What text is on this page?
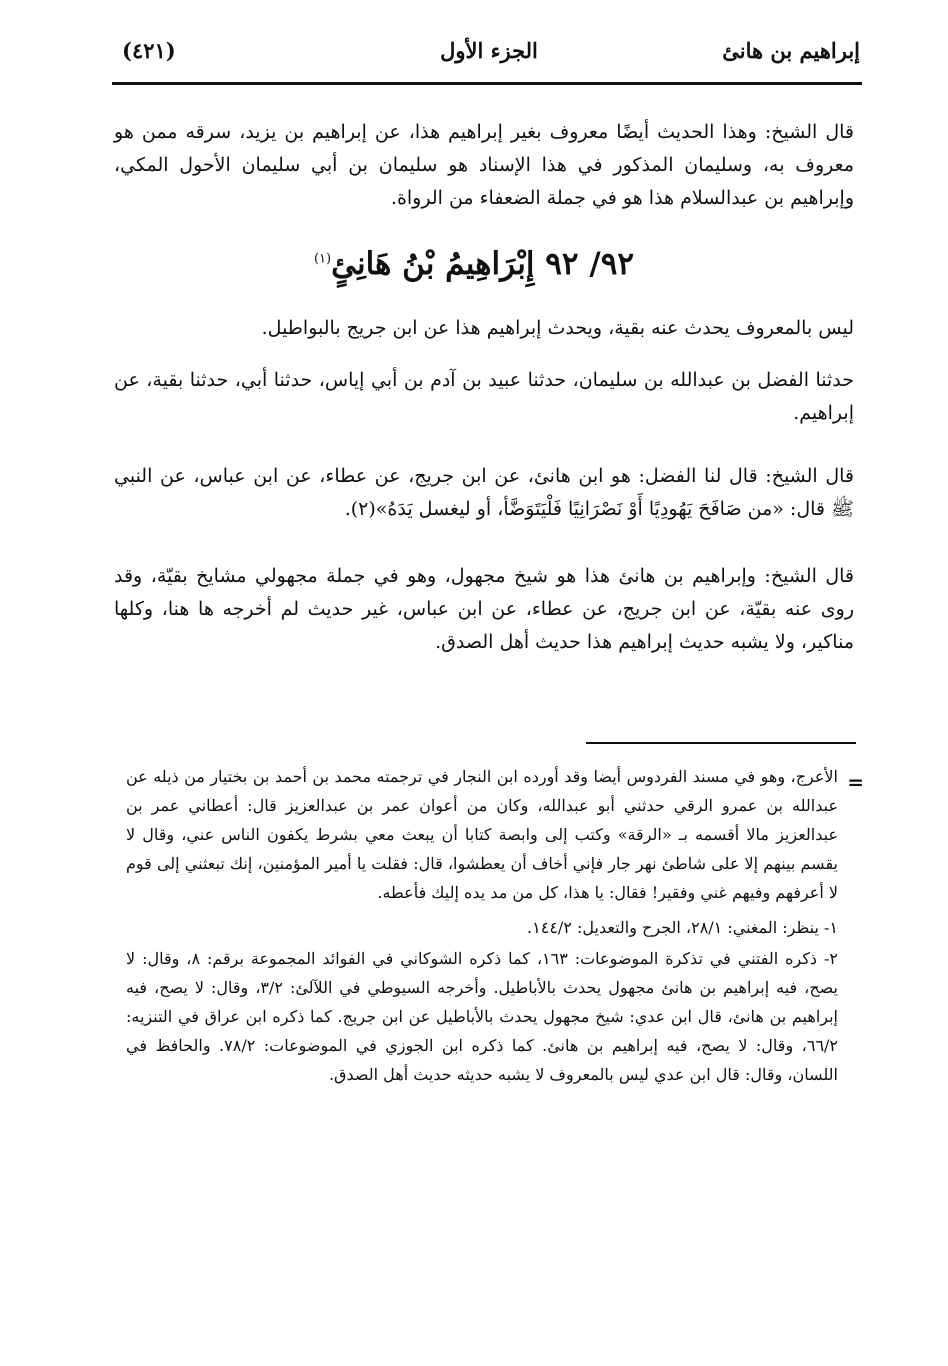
إبراهيم بن هانئ
الجزء الأول
(٤٢١)
قال الشيخ: وهذا الحديث أيضًا معروف بغير إبراهيم هذا، عن إبراهيم بن يزيد، سرقه ممن هو معروف به، وسليمان المذكور في هذا الإسناد هو سليمان بن أبي سليمان الأحول المكي، وإبراهيم بن عبدالسلام هذا هو في جملة الضعفاء من الرواة.
٩٢/ ٩٢ إِبْرَاهِيمُ بْنُ هَانِئٍ$^{(١)}$
ليس بالمعروف يحدث عنه بقية، ويحدث إبراهيم هذا عن ابن جريج بالبواطيل.
حدثنا الفضل بن عبدالله بن سليمان، حدثنا عبيد بن آدم بن أبي إياس، حدثنا أبي، حدثنا بقية، عن إبراهيم.
قال الشيخ: قال لنا الفضل: هو ابن هانئ، عن ابن جريج، عن عطاء، عن ابن عباس، عن النبي ﷺ قال: «من صَافَحَ يَهُودِيًا أَوْ نَصْرَانِيًا فَلْيَتَوَضَّأ، أو ليغسل يَدَهُ»(٢).
قال الشيخ: وإبراهيم بن هانئ هذا هو شيخ مجهول، وهو في جملة مجهولي مشايخ بقيّة، وقد روى عنه بقيّة، عن ابن جريج، عن عطاء، عن ابن عباس، غير حديث لم أخرجه ها هنا، وكلها مناكير، ولا يشبه حديث إبراهيم هذا حديث أهل الصدق.
=

الأعرج، وهو في مسند الفردوس أيضا وقد أورده ابن النجار في ترجمته محمد بن أحمد بن بختيار من ذيله عن عبدالله بن عمرو الرقي حدثني أبو عبدالله، وكان من أعوان عمر بن عبدالعزيز قال: أعطاني عمر بن عبدالعزيز مالا أقسمه بـ «الرقة» وكتب إلى وابصة كتابا أن يبعث معي بشرط يكفون الناس عني، وقال لا يقسم بينهم إلا على شاطئ نهر جار فإني أخاف أن يعطشوا، قال: فقلت يا أمير المؤمنين، إنك تبعثني إلى قوم لا أعرفهم وفيهم غني وفقير! فقال: يا هذا، كل من مد يده إليك فأعطه.

١- ينظر: المغني: ٢٨/١، الجرح والتعديل: ١٤٤/٢.

٢- ذكره الفتني في تذكرة الموضوعات: ١٦٣، كما ذكره الشوكاني في الفوائد المجموعة برقم: ٨، وقال: لا يصح، فيه إبراهيم بن هانئ مجهول يحدث بالأباطيل. وأخرجه السيوطي في اللآلئ: ٣/٢، وقال: لا يصح، فيه إبراهيم بن هانئ، قال ابن عدي: شيخ مجهول يحدث بالأباطيل عن ابن جريج. كما ذكره ابن عراق في التنزيه: ٦٦/٢، وقال: لا يصح، فيه إبراهيم بن هانئ. كما ذكره ابن الجوزي في الموضوعات: ٧٨/٢. والحافظ في اللسان، وقال: قال ابن عدي ليس بالمعروف لا يشبه حديثه حديث أهل الصدق.
